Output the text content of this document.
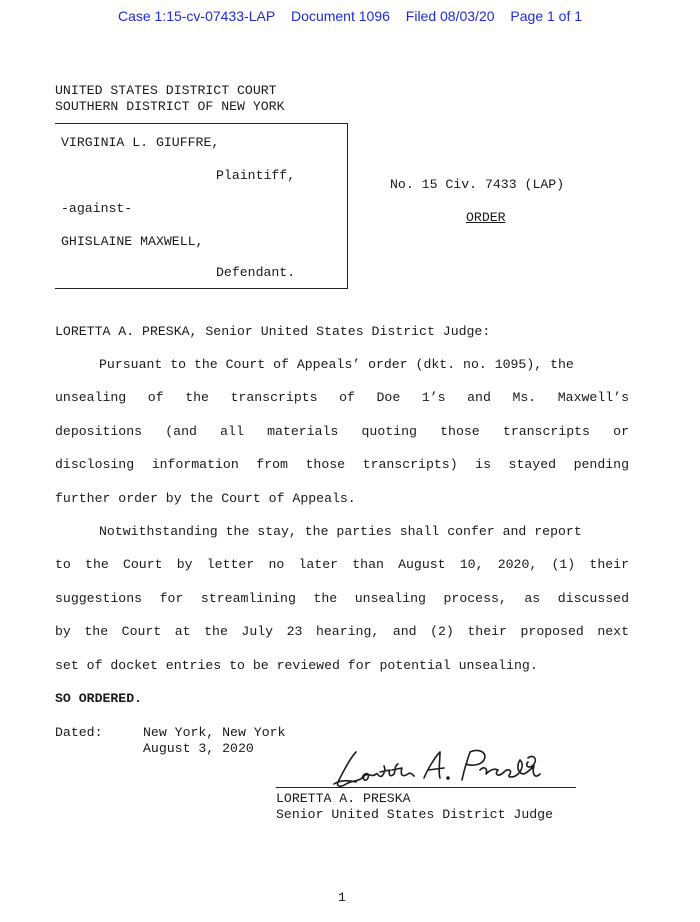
Case 1:15-cv-07433-LAP Document 1096 Filed 08/03/20 Page 1 of 1
UNITED STATES DISTRICT COURT
SOUTHERN DISTRICT OF NEW YORK
VIRGINIA L. GIUFFRE,
Plaintiff,
-against-
GHISLAINE MAXWELL,
Defendant.
No. 15 Civ. 7433 (LAP)
ORDER
LORETTA A. PRESKA, Senior United States District Judge:
Pursuant to the Court of Appeals’ order (dkt. no. 1095), the
unsealing of the transcripts of Doe 1’s and Ms. Maxwell’s
depositions (and all materials quoting those transcripts or
disclosing information from those transcripts) is stayed pending
further order by the Court of Appeals.
Notwithstanding the stay, the parties shall confer and report
to the Court by letter no later than August 10, 2020, (1) their
suggestions for streamlining the unsealing process, as discussed
by the Court at the July 23 hearing, and (2) their proposed next
set of docket entries to be reviewed for potential unsealing.
SO ORDERED.
Dated:	New York, New York
August 3, 2020
LORETTA A. PRESKA
Senior United States District Judge
1
